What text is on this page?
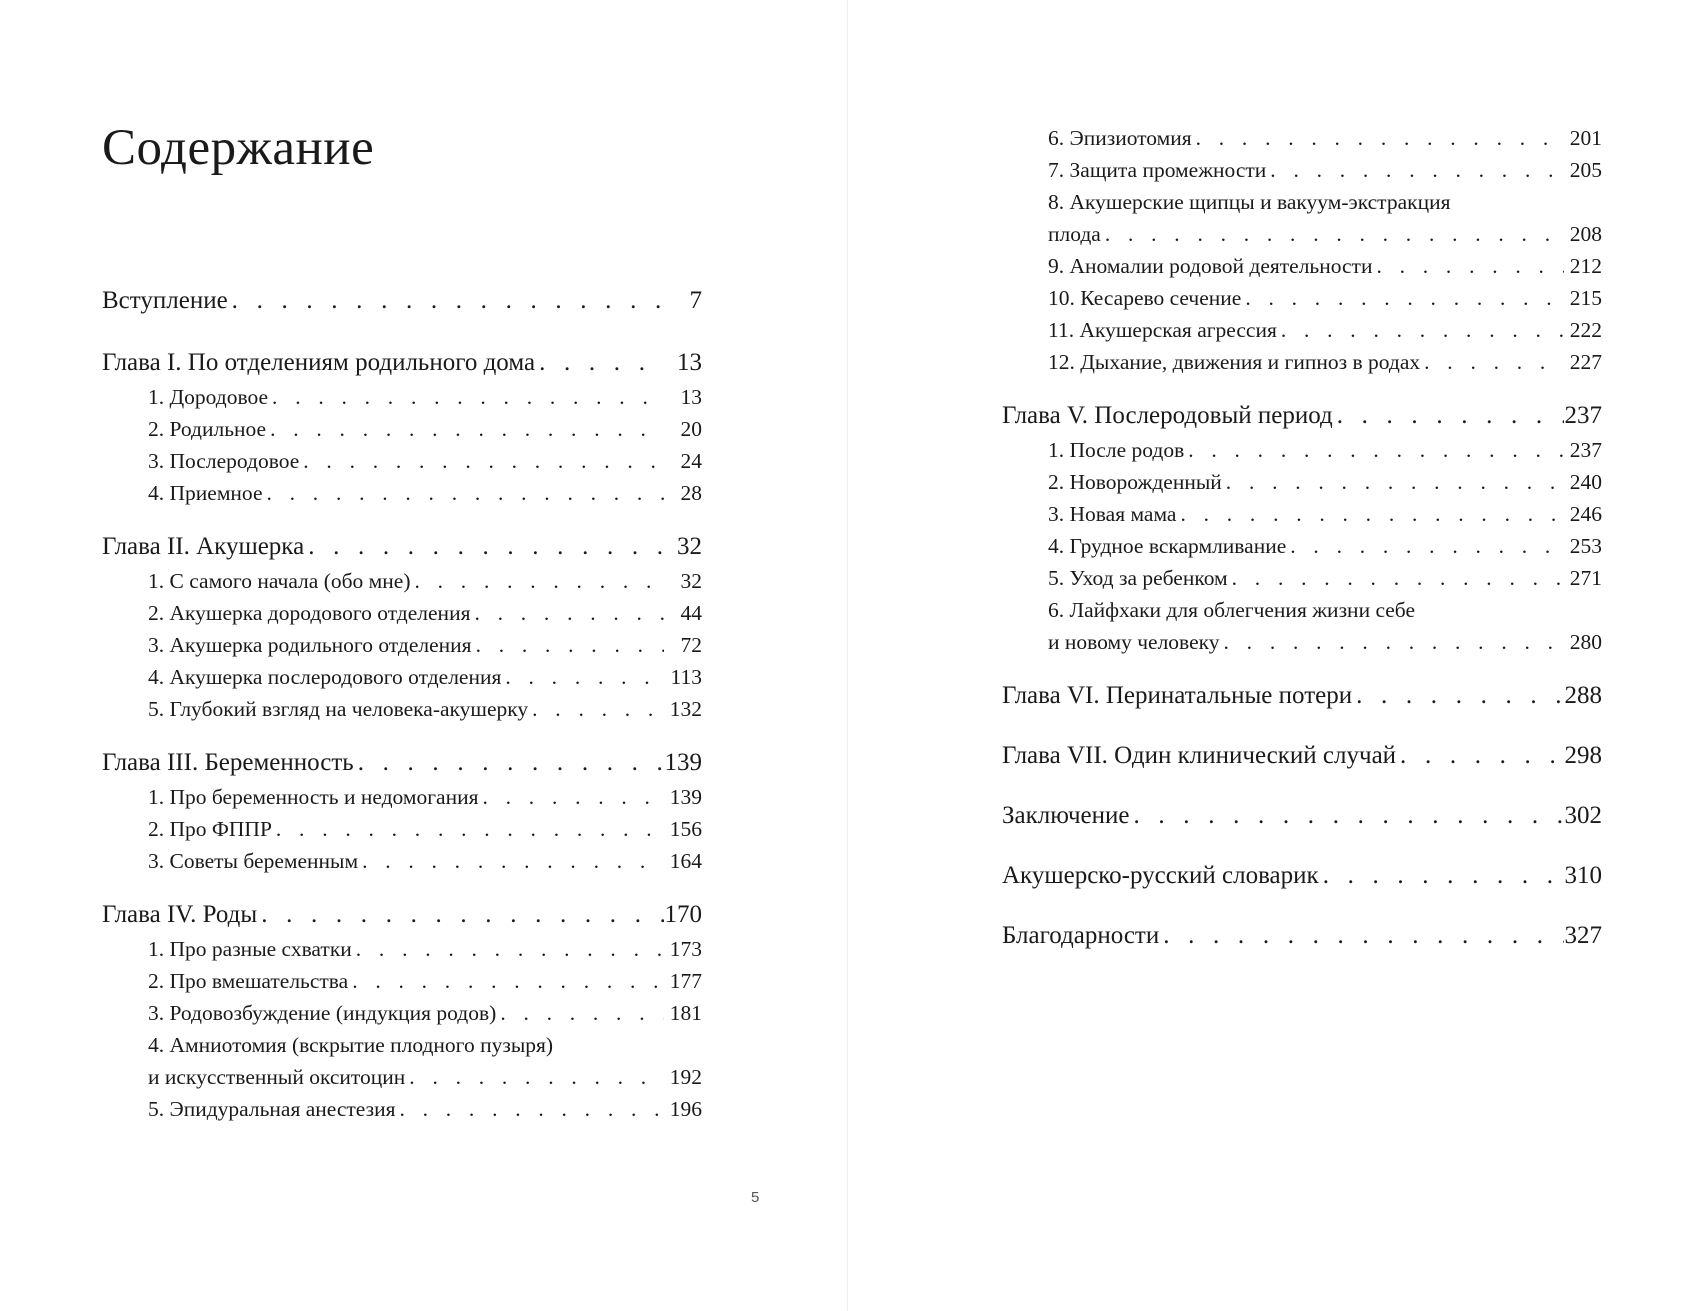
Содержание
Вступление . . .	7
Глава I. По отделениям родильного дома . . .	13
1. Дородовое . . .	13
2. Родильное . . .	20
3. Послеродовое . . .	24
4. Приемное . . .	28
Глава II. Акушерка . . .	32
1. С самого начала (обо мне) . . .	32
2. Акушерка дородового отделения . . .	44
3. Акушерка родильного отделения . . .	72
4. Акушерка послеродового отделения . . .	113
5. Глубокий взгляд на человека-акушерку . . .	132
Глава III. Беременность . . .	139
1. Про беременность и недомогания . . .	139
2. Про ФППР . . .	156
3. Советы беременным . . .	164
Глава IV. Роды . . .	170
1. Про разные схватки . . .	173
2. Про вмешательства . . .	177
3. Родовозбуждение (индукция родов) . . .	181
4. Амниотомия (вскрытие плодного пузыря)
и искусственный окситоцин . . .	192
5. Эпидуральная анестезия . . .	196
5
6. Эпизиотомия . . .	201
7. Защита промежности . . .	205
8. Акушерские щипцы и вакуум-экстракция
плода . . .	208
9. Аномалии родовой деятельности . . .	212
10. Кесарево сечение . . .	215
11. Акушерская агрессия . . .	222
12. Дыхание, движения и гипноз в родах . . .	227
Глава V. Послеродовый период . . .	237
1. После родов . . .	237
2. Новорожденный . . .	240
3. Новая мама . . .	246
4. Грудное вскармливание . . .	253
5. Уход за ребенком . . .	271
6. Лайфхаки для облегчения жизни себе
и новому человеку . . .	280
Глава VI. Перинатальные потери . . .	288
Глава VII. Один клинический случай . . .	298
Заключение . . .	302
Акушерско-русский словарик . . .	310
Благодарности . . .	327
